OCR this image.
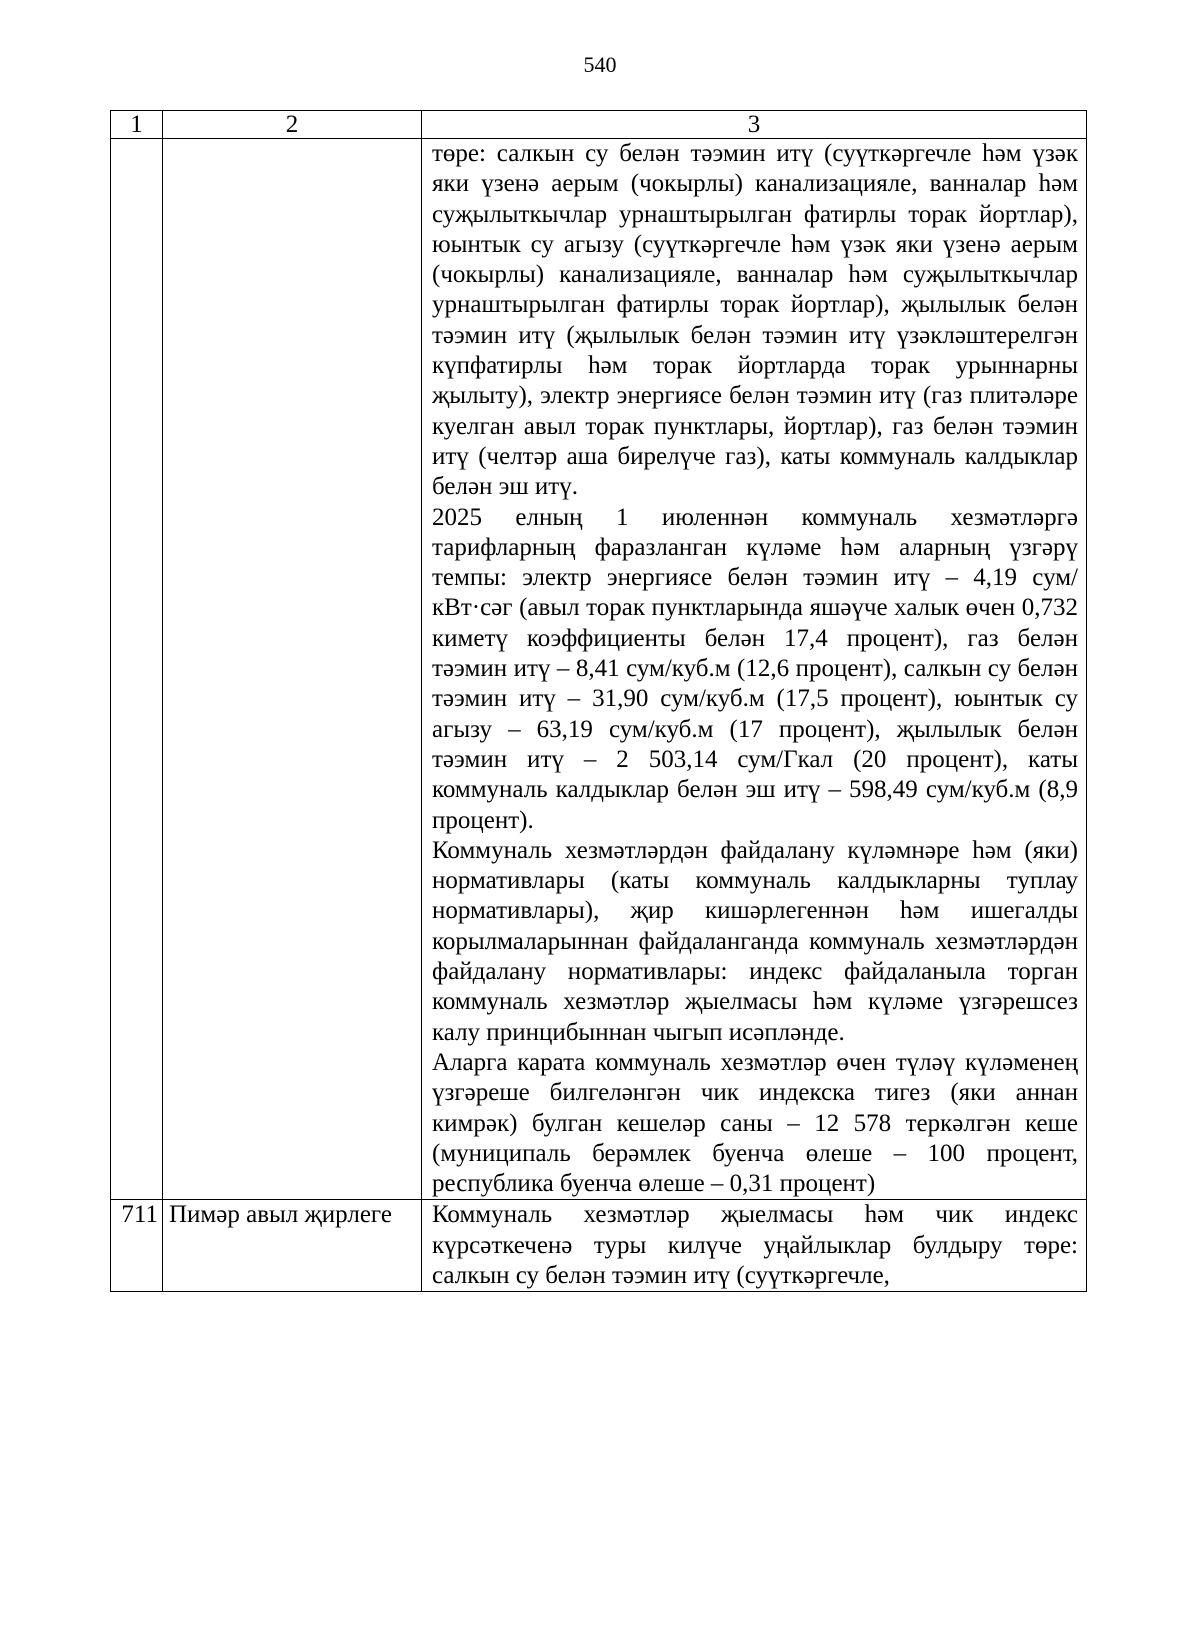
540
1	2	3

		төре: салкын су белән тәэмин итү (суүткәргечле һәм үзәк яки үзенә аерым (чокырлы) канализацияле, ванналар һәм суҗылыткычлар урнаштырылган фатирлы торак йортлар), юынтык су агызу (суүткәргечле һәм үзәк яки үзенә аерым (чокырлы) канализацияле, ванналар һәм суҗылыткычлар урнаштырылган фатирлы торак йортлар), җылылык белән тәэмин итү (җылылык белән тәэмин итү үзәкләштерелгән күпфатирлы һәм торак йортларда торак урыннарны җылыту), электр энергиясе белән тәэмин итү (газ плитәләре куелган авыл торак пунктлары, йортлар), газ белән тәэмин итү (челтәр аша бирелүче газ), каты коммуналь калдыклар белән эш итү.

2025 елның 1 июленнән коммуналь хезмәтләргә тарифларның фаразланган күләме һәм аларның үзгәрү темпы: электр энергиясе белән тәэмин итү – 4,19 сум/кВт·сәг (авыл торак пунктларында яшәүче халык өчен 0,732 киметү коэффициенты белән 17,4 процент), газ белән тәэмин итү – 8,41 сум/куб.м (12,6 процент), салкын су белән тәэмин итү – 31,90 сум/куб.м (17,5 процент), юынтык су агызу – 63,19 сум/куб.м (17 процент), җылылык белән тәэмин итү – 2 503,14 сум/Гкал (20 процент), каты коммуналь калдыклар белән эш итү – 598,49 сум/куб.м (8,9 процент).

Коммуналь хезмәтләрдән файдалану күләмнәре һәм (яки) нормативлары (каты коммуналь калдыкларны туплау нормативлары), җир кишәрлегеннән һәм ишегалды корылмаларыннан файдаланганда коммуналь хезмәтләрдән файдалану нормативлары: индекс файдаланыла торган коммуналь хезмәтләр җыелмасы һәм күләме үзгәрешсез калу принцибыннан чыгып исәпләнде.

Аларга карата коммуналь хезмәтләр өчен түләү күләменең үзгәреше билгеләнгән чик индекска тигез (яки аннан кимрәк) булган кешеләр саны – 12 578 теркәлгән кеше (муниципаль берәмлек буенча өлеше – 100 процент, республика буенча өлеше – 0,31 процент)

711	Пимәр авыл җирлеге	Коммуналь хезмәтләр җыелмасы һәм чик индекс күрсәткеченә туры килүче уңайлыклар булдыру төре: салкын су белән тәэмин итү (суүткәргечле,
